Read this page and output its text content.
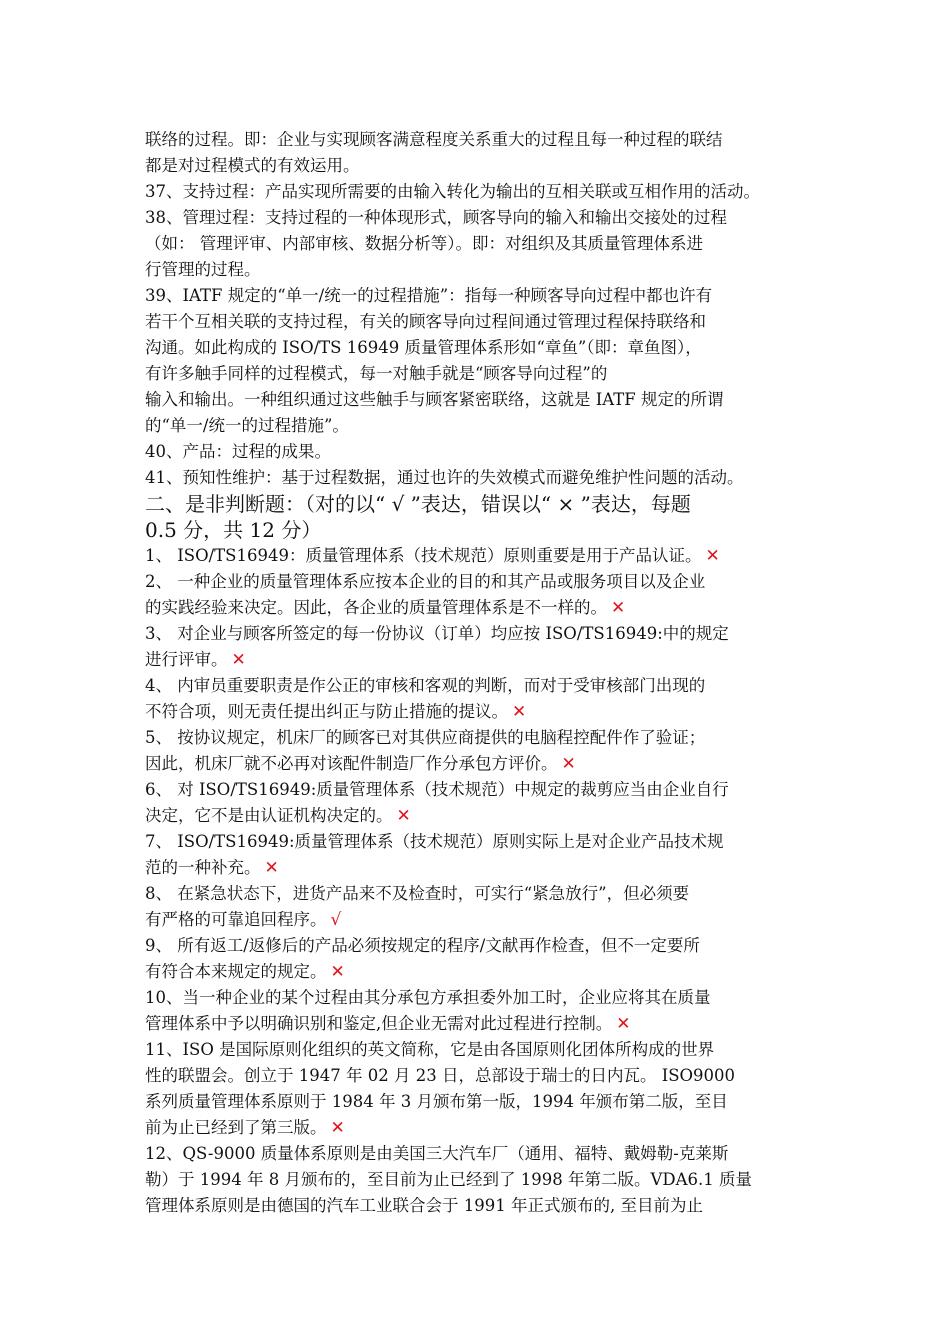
联络的过程。即：企业与实现顾客满意程度关系重大的过程且每一种过程的联结
都是对过程模式的有效运用。
37、支持过程：产品实现所需要的由输入转化为输出的互相关联或互相作用的活动。
38、管理过程：支持过程的一种体现形式，顾客导向的输入和输出交接处的过程
（如： 管理评审、内部审核、数据分析等）。即：对组织及其质量管理体系进
行管理的过程。
39、IATF 规定的“单一/统一的过程措施”：指每一种顾客导向过程中都也许有
若干个互相关联的支持过程，有关的顾客导向过程间通过管理过程保持联络和
沟通。如此构成的 ISO/TS 16949 质量管理体系形如“章鱼”（即：章鱼图），
有许多触手同样的过程模式，每一对触手就是“顾客导向过程”的
输入和输出。一种组织通过这些触手与顾客紧密联络，这就是 IATF 规定的所谓
的“单一/统一的过程措施”。
40、产品：过程的成果。
41、预知性维护：基于过程数据，通过也许的失效模式而避免维护性问题的活动。
二、是非判断题：（对的以“ √ ”表达，错误以“ × ”表达，每题
0.5 分，共 12 分）
1、 ISO/TS16949：质量管理体系（技术规范）原则重要是用于产品认证。 ✕
2、 一种企业的质量管理体系应按本企业的目的和其产品或服务项目以及企业
的实践经验来决定。因此，各企业的质量管理体系是不一样的。 ✕
3、 对企业与顾客所签定的每一份协议（订单）均应按 ISO/TS16949:中的规定
进行评审。 ✕
4、 内审员重要职责是作公正的审核和客观的判断，而对于受审核部门出现的
不符合项，则无责任提出纠正与防止措施的提议。 ✕
5、 按协议规定，机床厂的顾客已对其供应商提供的电脑程控配件作了验证；
因此，机床厂就不必再对该配件制造厂作分承包方评价。 ✕
6、 对 ISO/TS16949:质量管理体系（技术规范）中规定的裁剪应当由企业自行
决定，它不是由认证机构决定的。 ✕
7、 ISO/TS16949:质量管理体系（技术规范）原则实际上是对企业产品技术规
范的一种补充。 ✕
8、 在紧急状态下，进货产品来不及检查时，可实行“紧急放行”，但必须要
有严格的可靠追回程序。 √
9、 所有返工/返修后的产品必须按规定的程序/文献再作检查，但不一定要所
有符合本来规定的规定。 ✕
10、当一种企业的某个过程由其分承包方承担委外加工时，企业应将其在质量
管理体系中予以明确识别和鉴定,但企业无需对此过程进行控制。 ✕
11、ISO 是国际原则化组织的英文简称，它是由各国原则化团体所构成的世界
性的联盟会。创立于 1947 年 02 月 23 日，总部设于瑞士的日内瓦。 ISO9000
系列质量管理体系原则于 1984 年 3 月颁布第一版，1994 年颁布第二版，至目
前为止已经到了第三版。 ✕
12、QS-9000 质量体系原则是由美国三大汽车厂（通用、福特、戴姆勒-克莱斯
勒）于 1994 年 8 月颁布的，至目前为止已经到了 1998 年第二版。VDA6.1 质量
管理体系原则是由德国的汽车工业联合会于 1991 年正式颁布的, 至目前为止
